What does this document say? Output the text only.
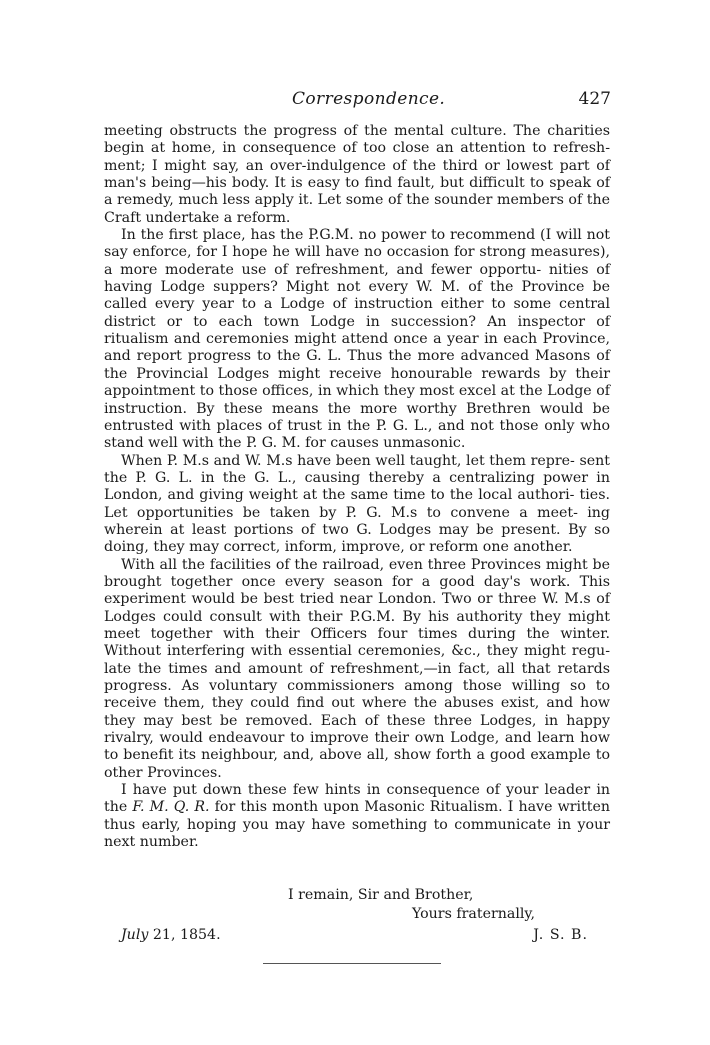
Correspondence.	427

meeting obstructs the progress of the mental culture. The charities begin at home, in consequence of too close an attention to refresh- ment; I might say, an over-indulgence of the third or lowest part of man's being—his body. It is easy to find fault, but difficult to speak of a remedy, much less apply it. Let some of the sounder members of the Craft undertake a reform.

In the first place, has the P.G.M. no power to recommend (I will not say enforce, for I hope he will have no occasion for strong measures), a more moderate use of refreshment, and fewer opportu- nities of having Lodge suppers? Might not every W. M. of the Province be called every year to a Lodge of instruction either to some central district or to each town Lodge in succession? An inspector of ritualism and ceremonies might attend once a year in each Province, and report progress to the G. L. Thus the more advanced Masons of the Provincial Lodges might receive honourable rewards by their appointment to those offices, in which they most excel at the Lodge of instruction. By these means the more worthy Brethren would be entrusted with places of trust in the P. G. L., and not those only who stand well with the P. G. M. for causes unmasonic.

When P. M.s and W. M.s have been well taught, let them repre- sent the P. G. L. in the G. L., causing thereby a centralizing power in London, and giving weight at the same time to the local authori- ties. Let opportunities be taken by P. G. M.s to convene a meet- ing wherein at least portions of two G. Lodges may be present. By so doing, they may correct, inform, improve, or reform one another.

With all the facilities of the railroad, even three Provinces might be brought together once every season for a good day's work. This experiment would be best tried near London. Two or three W. M.s of Lodges could consult with their P.G.M. By his authority they might meet together with their Officers four times during the winter. Without interfering with essential ceremonies, &c., they might regu- late the times and amount of refreshment,—in fact, all that retards progress. As voluntary commissioners among those willing so to receive them, they could find out where the abuses exist, and how they may best be removed. Each of these three Lodges, in happy rivalry, would endeavour to improve their own Lodge, and learn how to benefit its neighbour, and, above all, show forth a good example to other Provinces.

I have put down these few hints in consequence of your leader in the F. M. Q. R. for this month upon Masonic Ritualism. I have written thus early, hoping you may have something to communicate in your next number.

I remain, Sir and Brother,
Yours fraternally,
July 21, 1854.	J. S. B.
